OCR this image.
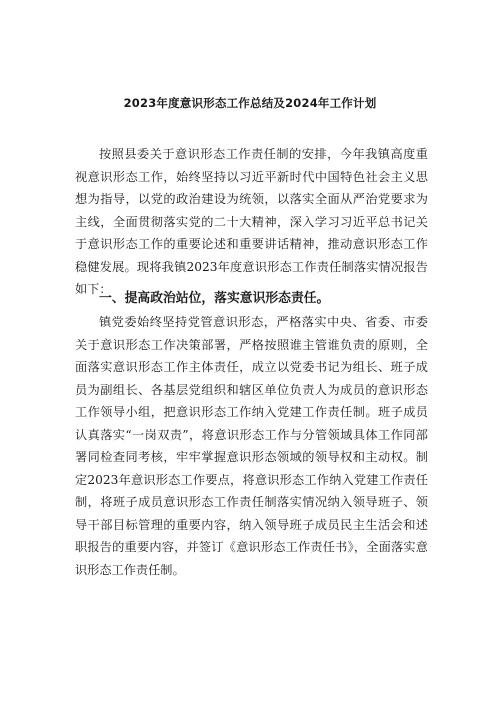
2023年度意识形态工作总结及2024年工作计划

按照县委关于意识形态工作责任制的安排，今年我镇高度重视意识形态工作，始终坚持以习近平新时代中国特色社会主义思想为指导，以党的政治建设为统领，以落实全面从严治党要求为主线，全面贯彻落实党的二十大精神，深入学习习近平总书记关于意识形态工作的重要论述和重要讲话精神，推动意识形态工作稳健发展。现将我镇2023年度意识形态工作责任制落实情况报告如下：

一、提高政治站位，落实意识形态责任。

镇党委始终坚持党管意识形态，严格落实中央、省委、市委关于意识形态工作决策部署，严格按照谁主管谁负责的原则，全面落实意识形态工作主体责任，成立以党委书记为组长、班子成员为副组长、各基层党组织和辖区单位负责人为成员的意识形态工作领导小组，把意识形态工作纳入党建工作责任制。班子成员认真落实“一岗双责”，将意识形态工作与分管领域具体工作同部署同检查同考核，牢牢掌握意识形态领域的领导权和主动权。制定2023年意识形态工作要点，将意识形态工作纳入党建工作责任制，将班子成员意识形态工作责任制落实情况纳入领导班子、领导干部目标管理的重要内容，纳入领导班子成员民主生活会和述职报告的重要内容，并签订《意识形态工作责任书》，全面落实意识形态工作责任制。
